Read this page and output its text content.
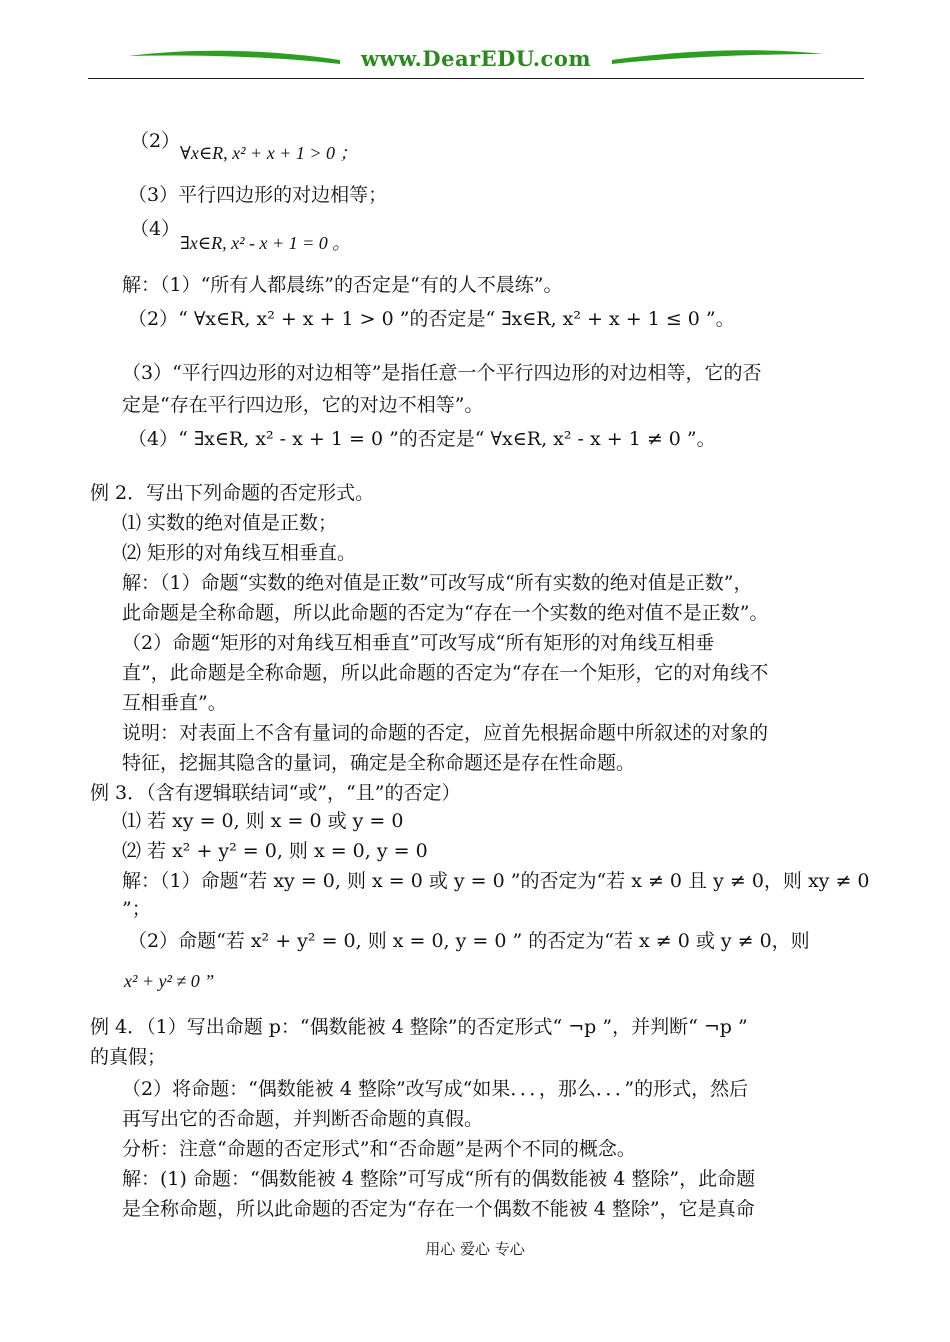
www.DearEDU.com
（2）
∀x∈R, x² + x + 1 > 0 ；
（3）平行四边形的对边相等；
（4）
∃x∈R, x² - x + 1 = 0 。
解：（1）“所有人都晨练”的否定是“有的人不晨练”。
（2）“ ∀x∈R, x² + x + 1 > 0 ”的否定是“ ∃x∈R, x² + x + 1 ≤ 0 ”。
（3）“平行四边形的对边相等”是指任意一个平行四边形的对边相等，它的否
定是“存在平行四边形，它的对边不相等”。
（4）“ ∃x∈R, x² - x + 1 = 0 ”的否定是“ ∀x∈R, x² - x + 1 ≠ 0 ”。
例 2．写出下列命题的否定形式。
⑴ 实数的绝对值是正数；
⑵ 矩形的对角线互相垂直。
解：（1）命题“实数的绝对值是正数”可改写成“所有实数的绝对值是正数”，
此命题是全称命题，所以此命题的否定为“存在一个实数的绝对值不是正数”。
（2）命题“矩形的对角线互相垂直”可改写成“所有矩形的对角线互相垂
直”，此命题是全称命题，所以此命题的否定为“存在一个矩形，它的对角线不
互相垂直”。
说明：对表面上不含有量词的命题的否定，应首先根据命题中所叙述的对象的
特征，挖掘其隐含的量词，确定是全称命题还是存在性命题。
例 3．（含有逻辑联结词“或”，“且”的否定）
⑴ 若 xy = 0, 则 x = 0 或 y = 0
⑵ 若 x² + y² = 0, 则 x = 0, y = 0
解：（1）命题“若 xy = 0, 则 x = 0 或 y = 0 ”的否定为“若 x ≠ 0 且 y ≠ 0，则 xy ≠ 0
”；
（2）命题“若 x² + y² = 0, 则 x = 0, y = 0 ” 的否定为“若 x ≠ 0 或 y ≠ 0，则
x² + y² ≠ 0 ”
例 4．（1）写出命题 p：“偶数能被 4 整除”的否定形式“ ¬p ”，并判断“ ¬p ”
的真假；
（2）将命题：“偶数能被 4 整除”改写成“如果．．．，那么．．．”的形式，然后
再写出它的否命题，并判断否命题的真假。
分析：注意“命题的否定形式”和“否命题”是两个不同的概念。
解：(1) 命题：“偶数能被 4 整除”可写成“所有的偶数能被 4 整除”，此命题
是全称命题，所以此命题的否定为“存在一个偶数不能被 4 整除”，它是真命
用心 爱心 专心
